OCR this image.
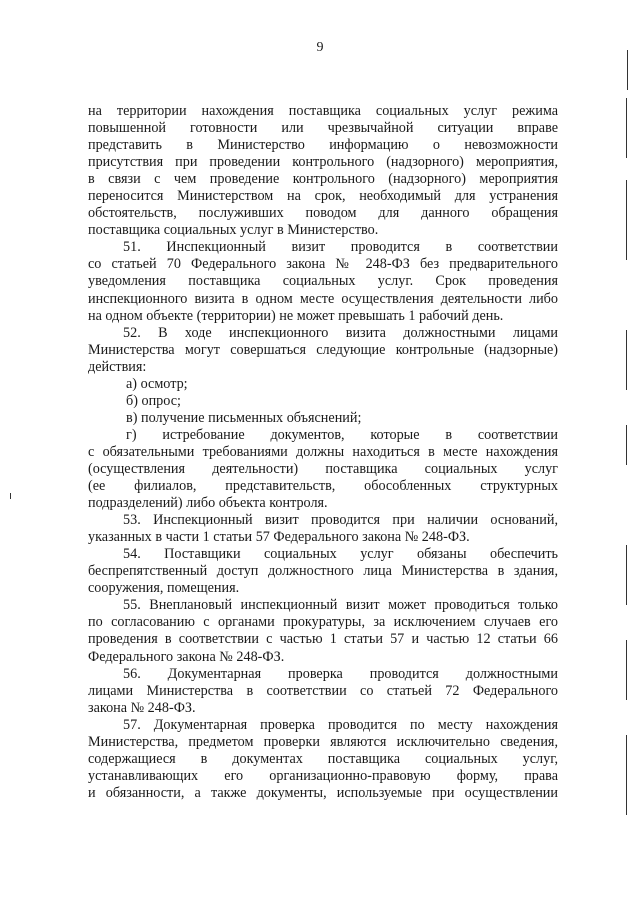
9
на территории нахождения поставщика социальных услуг режима
повышенной готовности или чрезвычайной ситуации вправе
представить в Министерство информацию о невозможности
присутствия при проведении контрольного (надзорного) мероприятия,
в связи с чем проведение контрольного (надзорного) мероприятия
переносится Министерством на срок, необходимый для устранения
обстоятельств, послуживших поводом для данного обращения
поставщика социальных услуг в Министерство.
51. Инспекционный визит проводится в соответствии
со статьей 70 Федерального закона № 248-ФЗ без предварительного
уведомления поставщика социальных услуг. Срок проведения
инспекционного визита в одном месте осуществления деятельности либо
на одном объекте (территории) не может превышать 1 рабочий день.
52. В ходе инспекционного визита должностными лицами
Министерства могут совершаться следующие контрольные (надзорные)
действия:
а) осмотр;
б) опрос;
в) получение письменных объяснений;
г) истребование документов, которые в соответствии
с обязательными требованиями должны находиться в месте нахождения
(осуществления деятельности) поставщика социальных услуг
(ее филиалов, представительств, обособленных структурных
подразделений) либо объекта контроля.
53. Инспекционный визит проводится при наличии оснований,
указанных в части 1 статьи 57 Федерального закона № 248-ФЗ.
54. Поставщики социальных услуг обязаны обеспечить
беспрепятственный доступ должностного лица Министерства в здания,
сооружения, помещения.
55. Внеплановый инспекционный визит может проводиться только
по согласованию с органами прокуратуры, за исключением случаев его
проведения в соответствии с частью 1 статьи 57 и частью 12 статьи 66
Федерального закона № 248-ФЗ.
56. Документарная проверка проводится должностными
лицами Министерства в соответствии со статьей 72 Федерального
закона № 248-ФЗ.
57. Документарная проверка проводится по месту нахождения
Министерства, предметом проверки являются исключительно сведения,
содержащиеся в документах поставщика социальных услуг,
устанавливающих его организационно-правовую форму, права
и обязанности, а также документы, используемые при осуществлении
